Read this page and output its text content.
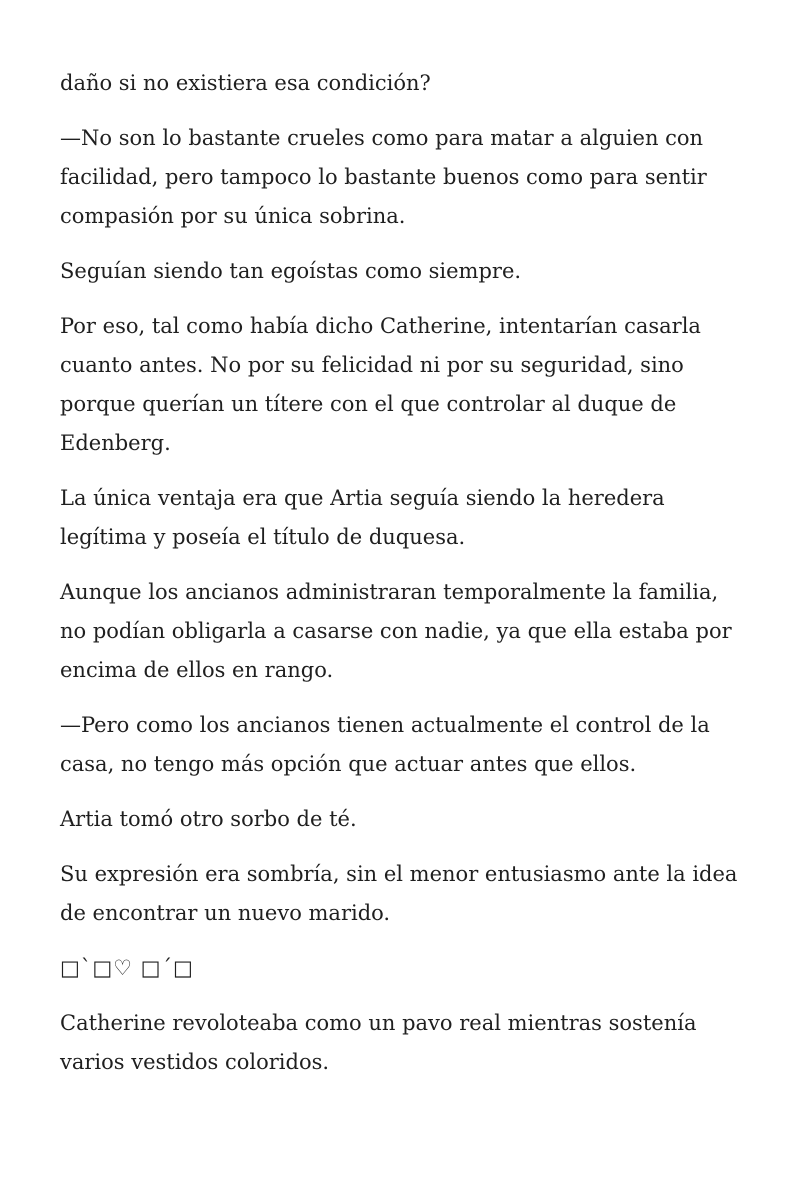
daño si no existiera esa condición?

—No son lo bastante crueles como para matar a alguien con facilidad, pero tampoco lo bastante buenos como para sentir compasión por su única sobrina.

Seguían siendo tan egoístas como siempre.

Por eso, tal como había dicho Catherine, intentarían casarla cuanto antes. No por su felicidad ni por su seguridad, sino porque querían un títere con el que controlar al duque de Edenberg.

La única ventaja era que Artia seguía siendo la heredera legítima y poseía el título de duquesa.

Aunque los ancianos administraran temporalmente la familia, no podían obligarla a casarse con nadie, ya que ella estaba por encima de ellos en rango.

—Pero como los ancianos tienen actualmente el control de la casa, no tengo más opción que actuar antes que ellos.

Artia tomó otro sorbo de té.

Su expresión era sombría, sin el menor entusiasmo ante la idea de encontrar un nuevo marido.

□`□♡ □´□

Catherine revoloteaba como un pavo real mientras sostenía varios vestidos coloridos.
